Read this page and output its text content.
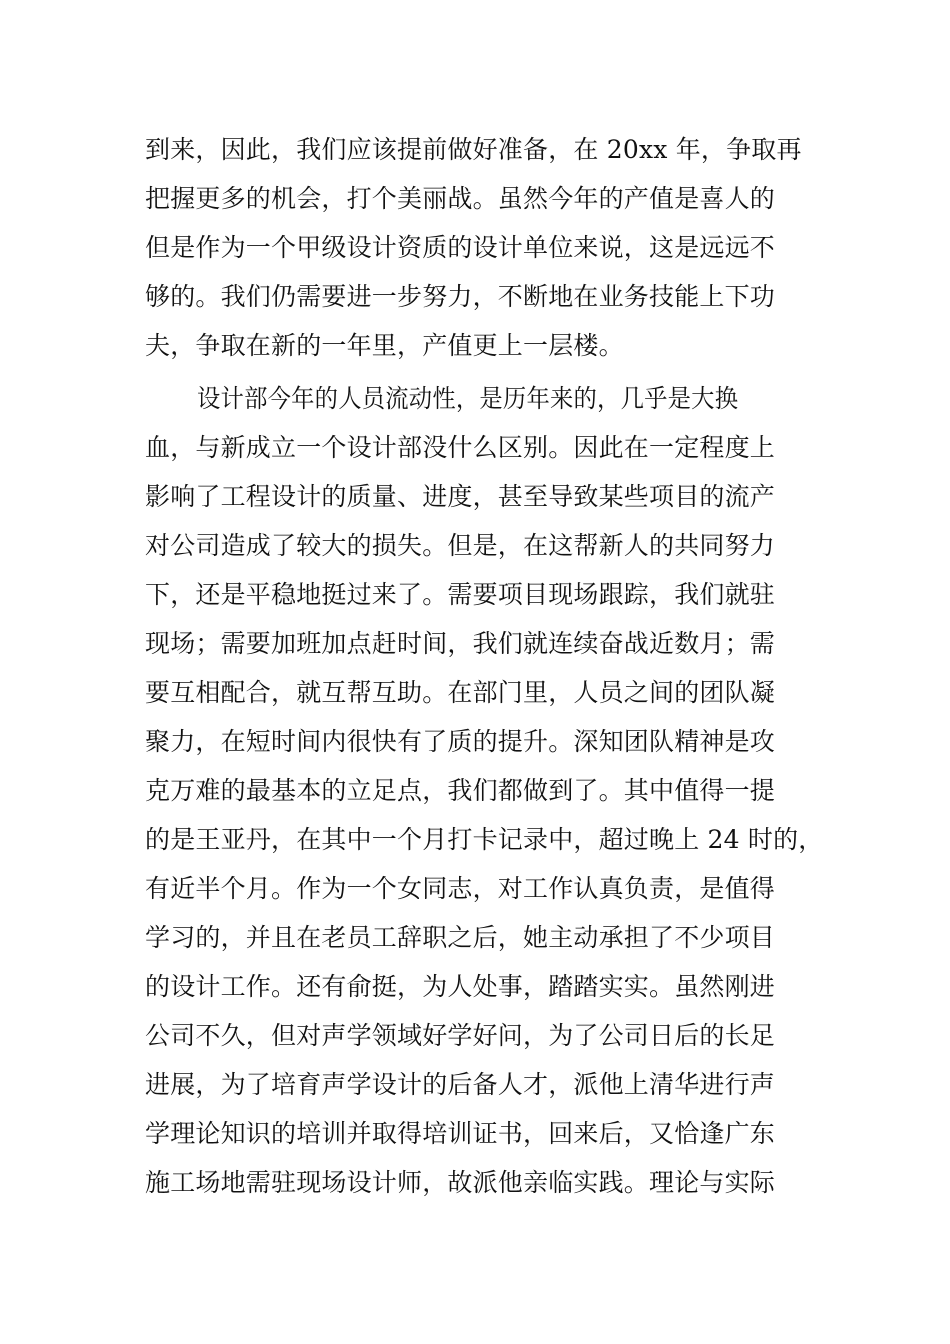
到来，因此，我们应该提前做好准备，在 20xx 年，争取再
把握更多的机会，打个美丽战。虽然今年的产值是喜人的
但是作为一个甲级设计资质的设计单位来说，这是远远不
够的。我们仍需要进一步努力，不断地在业务技能上下功
夫，争取在新的一年里，产值更上一层楼。
设计部今年的人员流动性，是历年来的，几乎是大换
血，与新成立一个设计部没什么区别。因此在一定程度上
影响了工程设计的质量、进度，甚至导致某些项目的流产
对公司造成了较大的损失。但是，在这帮新人的共同努力
下，还是平稳地挺过来了。需要项目现场跟踪，我们就驻
现场；需要加班加点赶时间，我们就连续奋战近数月；需
要互相配合，就互帮互助。在部门里，人员之间的团队凝
聚力，在短时间内很快有了质的提升。深知团队精神是攻
克万难的最基本的立足点，我们都做到了。其中值得一提
的是王亚丹，在其中一个月打卡记录中，超过晚上 24 时的，
有近半个月。作为一个女同志，对工作认真负责，是值得
学习的，并且在老员工辞职之后，她主动承担了不少项目
的设计工作。还有俞挺，为人处事，踏踏实实。虽然刚进
公司不久，但对声学领域好学好问，为了公司日后的长足
进展，为了培育声学设计的后备人才，派他上清华进行声
学理论知识的培训并取得培训证书，回来后，又恰逢广东
施工场地需驻现场设计师，故派他亲临实践。理论与实际
